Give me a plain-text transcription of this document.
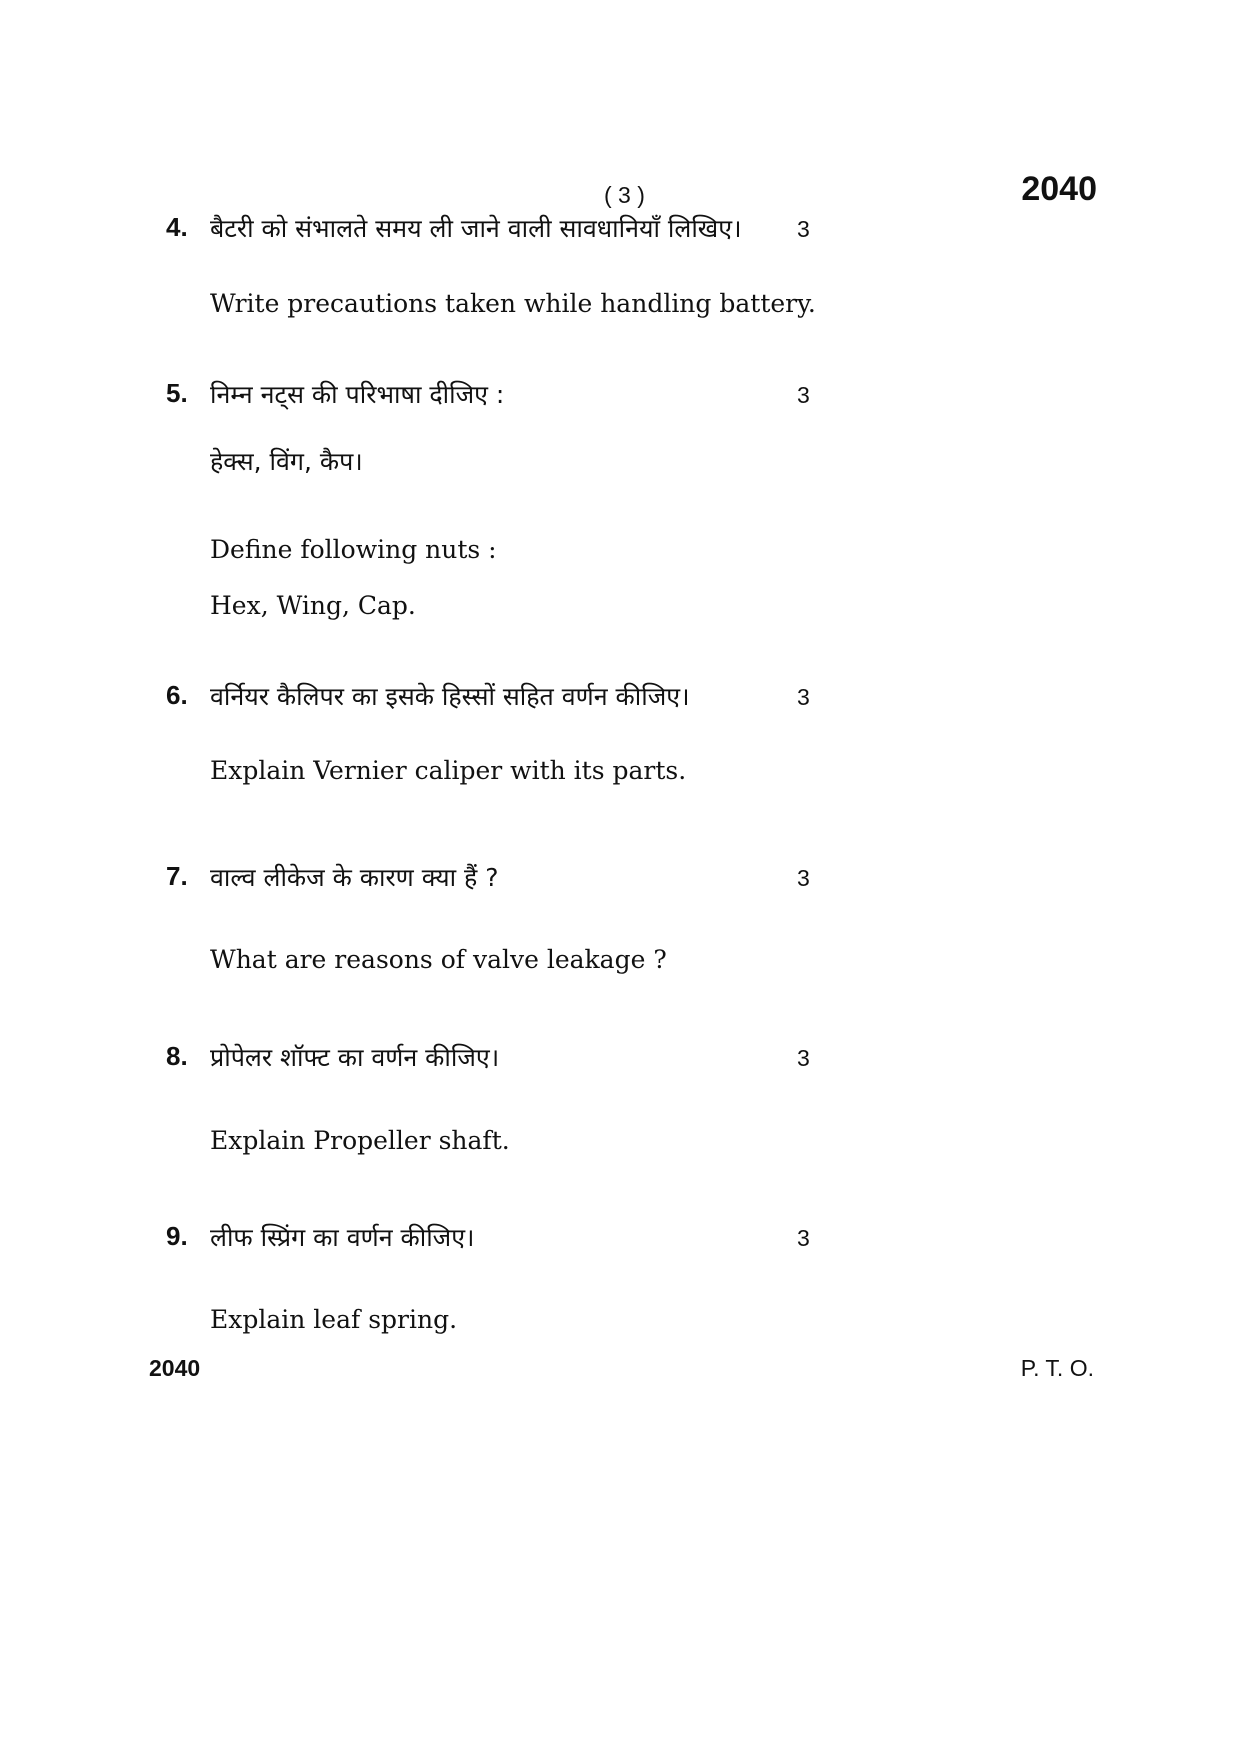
( 3 )	2040
4. बैटरी को संभालते समय ली जाने वाली सावधानियाँ लिखिए। 3
Write precautions taken while handling battery.
5. निम्न नट्स की परिभाषा दीजिए :	3
हेक्स, विंग, कैप।
Define following nuts :
Hex, Wing, Cap.
6. वर्नियर कैलिपर का इसके हिस्सों सहित वर्णन कीजिए।	3
Explain Vernier caliper with its parts.
7. वाल्व लीकेज के कारण क्या हैं ?	3
What are reasons of valve leakage ?
8. प्रोपेलर शॉफ्ट का वर्णन कीजिए।	3
Explain Propeller shaft.
9. लीफ स्प्रिंग का वर्णन कीजिए।	3
Explain leaf spring.
2040	P. T. O.
